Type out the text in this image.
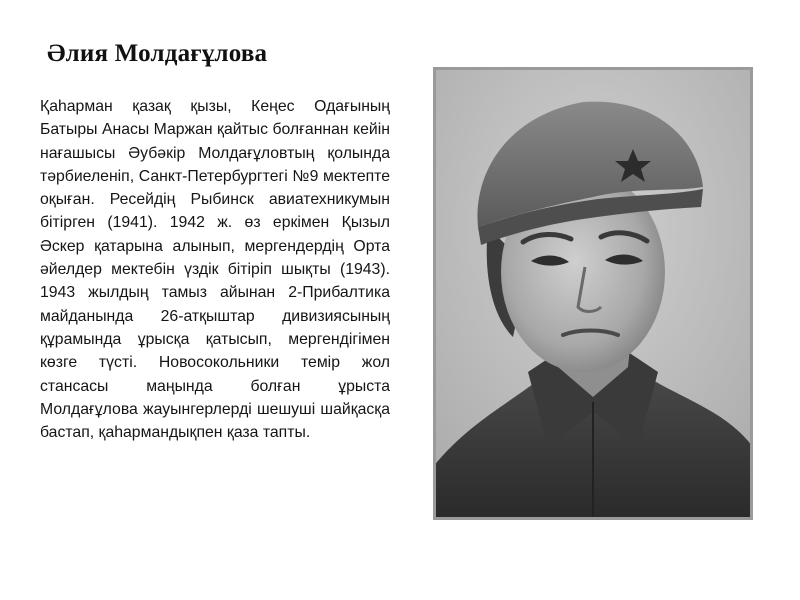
Әлия Молдағұлова
Қаһарман қазақ қызы, Кеңес Одағының Батыры Анасы Маржан қайтыс болғаннан кейін нағашысы Әубәкір Молдағұловтың қолында тәрбиеленіп, Санкт-Петербургтегі №9 мектепте оқыған. Ресейдің Рыбинск авиатехникумын бітірген (1941). 1942 ж. өз еркімен Қызыл Әскер қатарына алынып, мергендердің Орта әйелдер мектебін үздік бітіріп шықты (1943). 1943 жылдың тамыз айынан 2-Прибалтика майданында 26-атқыштар дивизиясының құрамында ұрысқа қатысып, мергендігімен көзге түсті. Новосокольники темір жол стансасы маңында болған ұрыста Молдағұлова жауынгерлерді шешуші шайқасқа бастап, қаһармандықпен қаза тапты.
